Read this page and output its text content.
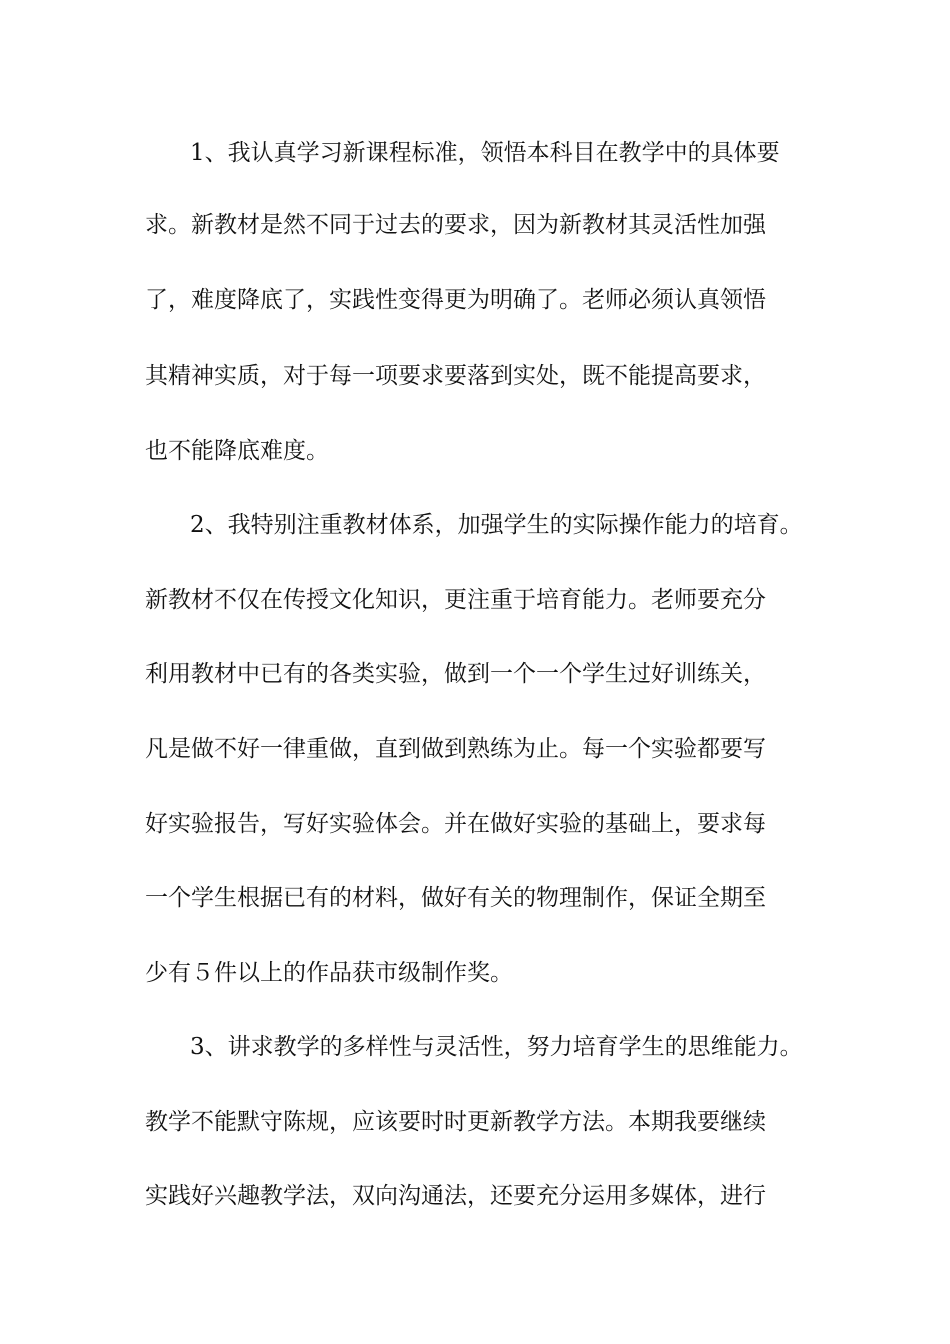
1、我认真学习新课程标准，领悟本科目在教学中的具体要
求。新教材是然不同于过去的要求，因为新教材其灵活性加强
了，难度降底了，实践性变得更为明确了。老师必须认真领悟
其精神实质，对于每一项要求要落到实处，既不能提高要求，
也不能降底难度。
2、我特别注重教材体系，加强学生的实际操作能力的培育。
新教材不仅在传授文化知识，更注重于培育能力。老师要充分
利用教材中已有的各类实验，做到一个一个学生过好训练关，
凡是做不好一律重做，直到做到熟练为止。每一个实验都要写
好实验报告，写好实验体会。并在做好实验的基础上，要求每
一个学生根据已有的材料，做好有关的物理制作，保证全期至
少有５件以上的作品获市级制作奖。
3、讲求教学的多样性与灵活性，努力培育学生的思维能力。
教学不能默守陈规，应该要时时更新教学方法。本期我要继续
实践好兴趣教学法，双向沟通法，还要充分运用多媒体，进行
